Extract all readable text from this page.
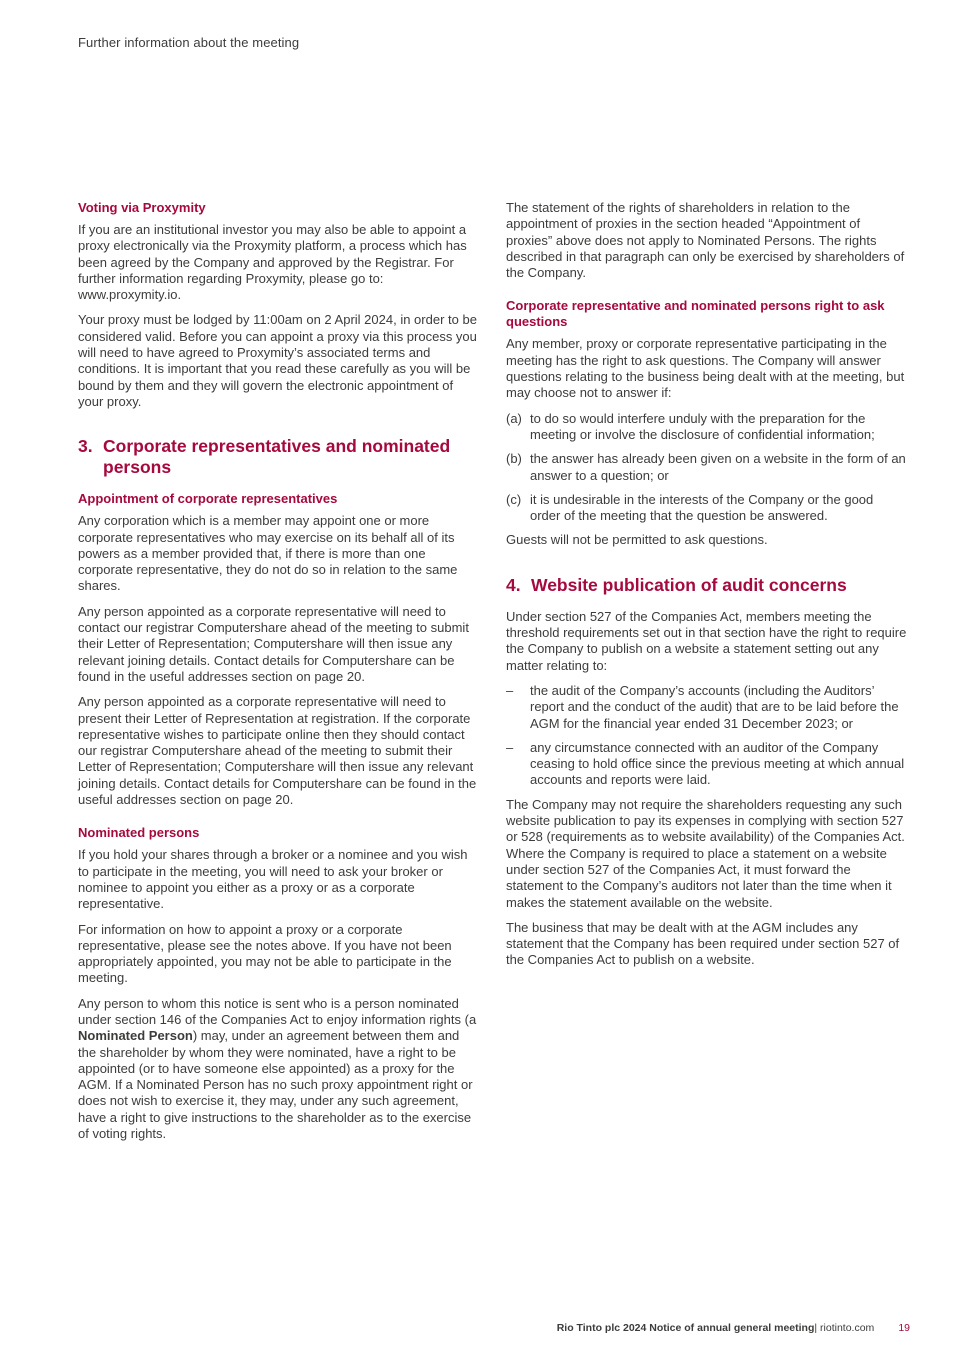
Further information about the meeting
Voting via Proxymity

If you are an institutional investor you may also be able to appoint a proxy electronically via the Proxymity platform, a process which has been agreed by the Company and approved by the Registrar. For further information regarding Proxymity, please go to: www.proxymity.io.

Your proxy must be lodged by 11:00am on 2 April 2024, in order to be considered valid. Before you can appoint a proxy via this process you will need to have agreed to Proxymity’s associated terms and conditions. It is important that you read these carefully as you will be bound by them and they will govern the electronic appointment of your proxy.

3. Corporate representatives and nominated persons
Appointment of corporate representatives

Any corporation which is a member may appoint one or more corporate representatives who may exercise on its behalf all of its powers as a member provided that, if there is more than one corporate representative, they do not do so in relation to the same shares.

Any person appointed as a corporate representative will need to contact our registrar Computershare ahead of the meeting to submit their Letter of Representation; Computershare will then issue any relevant joining details. Contact details for Computershare can be found in the useful addresses section on page 20.

Any person appointed as a corporate representative will need to present their Letter of Representation at registration. If the corporate representative wishes to participate online then they should contact our registrar Computershare ahead of the meeting to submit their Letter of Representation; Computershare will then issue any relevant joining details. Contact details for Computershare can be found in the useful addresses section on page 20.

Nominated persons

If you hold your shares through a broker or a nominee and you wish to participate in the meeting, you will need to ask your broker or nominee to appoint you either as a proxy or as a corporate representative.

For information on how to appoint a proxy or a corporate representative, please see the notes above. If you have not been appropriately appointed, you may not be able to participate in the meeting.

Any person to whom this notice is sent who is a person nominated under section 146 of the Companies Act to enjoy information rights (a Nominated Person) may, under an agreement between them and the shareholder by whom they were nominated, have a right to be appointed (or to have someone else appointed) as a proxy for the AGM. If a Nominated Person has no such proxy appointment right or does not wish to exercise it, they may, under any such agreement, have a right to give instructions to the shareholder as to the exercise of voting rights.

The statement of the rights of shareholders in relation to the appointment of proxies in the section headed “Appointment of proxies” above does not apply to Nominated Persons. The rights described in that paragraph can only be exercised by shareholders of the Company.

Corporate representative and nominated persons right to ask questions

Any member, proxy or corporate representative participating in the meeting has the right to ask questions. The Company will answer questions relating to the business being dealt with at the meeting, but may choose not to answer if:

(a) to do so would interfere unduly with the preparation for the meeting or involve the disclosure of confidential information;
(b) the answer has already been given on a website in the form of an answer to a question; or
(c) it is undesirable in the interests of the Company or the good order of the meeting that the question be answered.

Guests will not be permitted to ask questions.

4. Website publication of audit concerns

Under section 527 of the Companies Act, members meeting the threshold requirements set out in that section have the right to require the Company to publish on a website a statement setting out any matter relating to:

–	the audit of the Company’s accounts (including the Auditors’ report and the conduct of the audit) that are to be laid before the AGM for the financial year ended 31 December 2023; or
–	any circumstance connected with an auditor of the Company ceasing to hold office since the previous meeting at which annual accounts and reports were laid.

The Company may not require the shareholders requesting any such website publication to pay its expenses in complying with section 527 or 528 (requirements as to website availability) of the Companies Act. Where the Company is required to place a statement on a website under section 527 of the Companies Act, it must forward the statement to the Company’s auditors not later than the time when it makes the statement available on the website.

The business that may be dealt with at the AGM includes any statement that the Company has been required under section 527 of the Companies Act to publish on a website.

Rio Tinto plc 2024 Notice of annual general meeting | riotinto.com 19
